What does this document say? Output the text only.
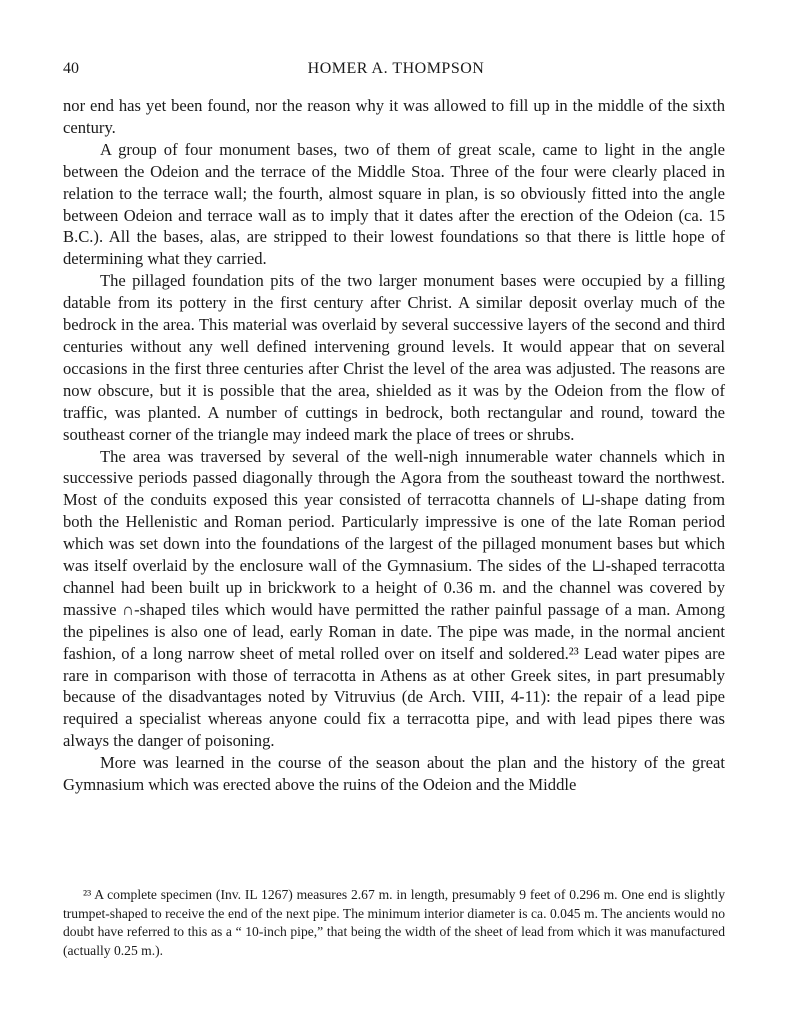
40	HOMER A. THOMPSON

nor end has yet been found, nor the reason why it was allowed to fill up in the middle of the sixth century.

A group of four monument bases, two of them of great scale, came to light in the angle between the Odeion and the terrace of the Middle Stoa. Three of the four were clearly placed in relation to the terrace wall; the fourth, almost square in plan, is so obviously fitted into the angle between Odeion and terrace wall as to imply that it dates after the erection of the Odeion (ca. 15 B.C.). All the bases, alas, are stripped to their lowest foundations so that there is little hope of determining what they carried.

The pillaged foundation pits of the two larger monument bases were occupied by a filling datable from its pottery in the first century after Christ. A similar deposit overlay much of the bedrock in the area. This material was overlaid by several successive layers of the second and third centuries without any well defined intervening ground levels. It would appear that on several occasions in the first three centuries after Christ the level of the area was adjusted. The reasons are now obscure, but it is possible that the area, shielded as it was by the Odeion from the flow of traffic, was planted. A number of cuttings in bedrock, both rectangular and round, toward the southeast corner of the triangle may indeed mark the place of trees or shrubs.

The area was traversed by several of the well-nigh innumerable water channels which in successive periods passed diagonally through the Agora from the southeast toward the northwest. Most of the conduits exposed this year consisted of terracotta channels of ⊔-shape dating from both the Hellenistic and Roman period. Particularly impressive is one of the late Roman period which was set down into the foundations of the largest of the pillaged monument bases but which was itself overlaid by the enclosure wall of the Gymnasium. The sides of the ⊔-shaped terracotta channel had been built up in brickwork to a height of 0.36 m. and the channel was covered by massive ∩-shaped tiles which would have permitted the rather painful passage of a man. Among the pipelines is also one of lead, early Roman in date. The pipe was made, in the normal ancient fashion, of a long narrow sheet of metal rolled over on itself and soldered.²³ Lead water pipes are rare in comparison with those of terracotta in Athens as at other Greek sites, in part presumably because of the disadvantages noted by Vitruvius (de Arch. VIII, 4-11): the repair of a lead pipe required a specialist whereas anyone could fix a terracotta pipe, and with lead pipes there was always the danger of poisoning.

More was learned in the course of the season about the plan and the history of the great Gymnasium which was erected above the ruins of the Odeion and the Middle

²³ A complete specimen (Inv. IL 1267) measures 2.67 m. in length, presumably 9 feet of 0.296 m. One end is slightly trumpet-shaped to receive the end of the next pipe. The minimum interior diameter is ca. 0.045 m. The ancients would no doubt have referred to this as a “ 10-inch pipe,” that being the width of the sheet of lead from which it was manufactured (actually 0.25 m.).
